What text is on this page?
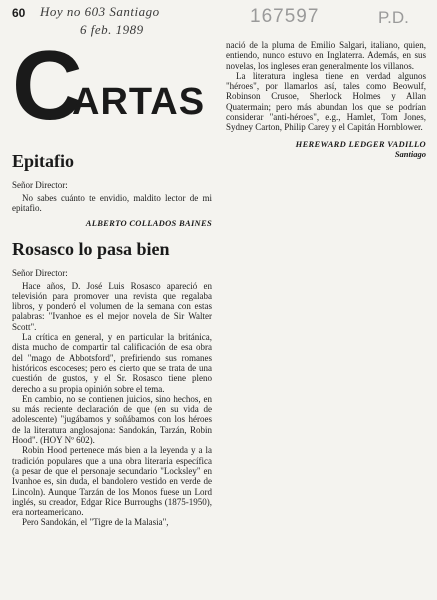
60 Hoy no 603 Santiago
6 feb. 1989
167597	P.D.
C
ARTAS
Epitafio

Señor Director:

No sabes cuánto te envidio, maldito lector de mi epitafio.

ALBERTO COLLADOS BAINES

Rosasco lo pasa bien

Señor Director:

Hace años, D. José Luis Rosasco apareció en televisión para promover una revista que regalaba libros, y ponderó el volumen de la semana con estas palabras: "Ivanhoe es el mejor novela de Sir Walter Scott".

La crítica en general, y en particular la británica, dista mucho de compartir tal calificación de esa obra del "mago de Abbotsford", prefiriendo sus romanes históricos escoceses; pero es cierto que se trata de una cuestión de gustos, y el Sr. Rosasco tiene pleno derecho a su propia opinión sobre el tema.

En cambio, no se contienen juicios, sino hechos, en su más reciente declaración de que (en su vida de adolescente) "jugábamos y soñábamos con los héroes de la literatura anglosajona: Sandokán, Tarzán, Robin Hood". (HOY Nº 602).

Robin Hood pertenece más bien a la leyenda y a la tradición populares que a una obra literaria específica (a pesar de que el personaje secundario "Locksley" en Ivanhoe es, sin duda, el bandolero vestido en verde de Lincoln). Aunque Tarzán de los Monos fuese un Lord inglés, su creador, Edgar Rice Burroughs (1875-1950), era norteamericano.

Pero Sandokán, el "Tigre de la Malasia",

nació de la pluma de Emilio Salgari, italiano, quien, entiendo, nunco estuvo en Inglaterra. Además, en sus novelas, los ingleses eran generalmente los villanos.

La literatura inglesa tiene en verdad algunos "héroes", por llamarlos así, tales como Beowulf, Robinson Crusoe, Sherlock Holmes y Allan Quatermain; pero más abundan los que se podrían considerar "anti-héroes", e.g., Hamlet, Tom Jones, Sydney Carton, Philip Carey y el Capitán Hornblower.

HEREWARD LEDGER VADILLO

Santiago
